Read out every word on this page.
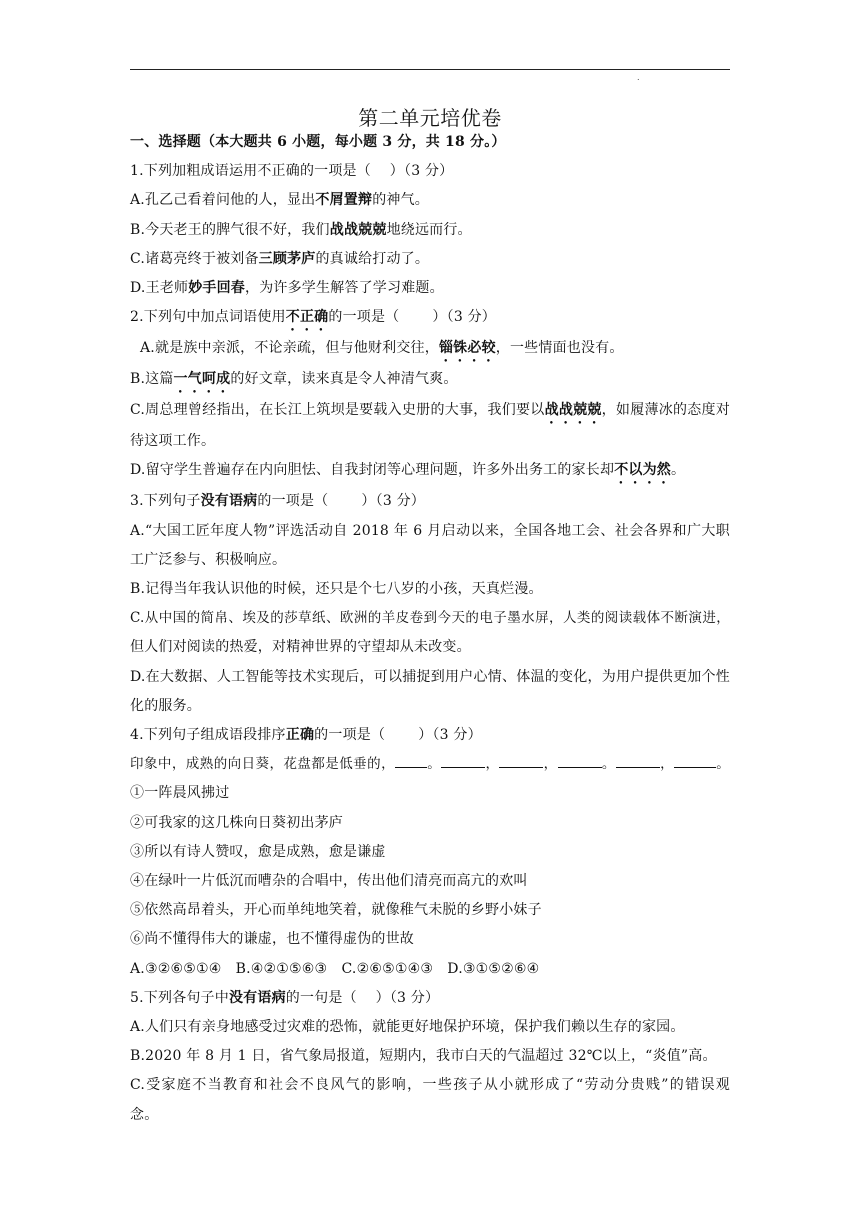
.
第二单元培优卷
一、选择题（本大题共 6 小题，每小题 3 分，共 18 分。）
1.下列加粗成语运用不正确的一项是（　 ）（3 分）
A.孔乙己看着问他的人，显出不屑置辩的神气。
B.今天老王的脾气很不好，我们战战兢兢地绕远而行。
C.诸葛亮终于被刘备三顾茅庐的真诚给打动了。
D.王老师妙手回春，为许多学生解答了学习难题。
2.下列句中加点词语使用不正确的一项是（　　 ）（3 分）
A.就是族中亲派，不论亲疏，但与他财利交往，锱铢必较，一些情面也没有。
B.这篇一气呵成的好文章，读来真是令人神清气爽。
C.周总理曾经指出，在长江上筑坝是要载入史册的大事，我们要以战战兢兢，如履薄冰的态度对
待这项工作。
D.留守学生普遍存在内向胆怯、自我封闭等心理问题，许多外出务工的家长却不以为然。
3.下列句子没有语病的一项是（　　 ）（3 分）
A.“大国工匠年度人物”评选活动自 2018 年 6 月启动以来，全国各地工会、社会各界和广大职
工广泛参与、积极响应。
B.记得当年我认识他的时候，还只是个七八岁的小孩，天真烂漫。
C.从中国的简帛、埃及的莎草纸、欧洲的羊皮卷到今天的电子墨水屏，人类的阅读载体不断演进，
但人们对阅读的热爱，对精神世界的守望却从未改变。
D.在大数据、人工智能等技术实现后，可以捕捉到用户心情、体温的变化，为用户提供更加个性
化的服务。
4.下列句子组成语段排序正确的一项是（　　 ）（3 分）
印象中，成熟的向日葵，花盘都是低垂的， 。	，	，	。	，	。
①一阵晨风拂过
②可我家的这几株向日葵初出茅庐
③所以有诗人赞叹，愈是成熟，愈是谦虚
④在绿叶一片低沉而嘈杂的合唱中，传出他们清亮而高亢的欢叫
⑤依然高昂着头，开心而单纯地笑着，就像稚气未脱的乡野小妹子
⑥尚不懂得伟大的谦虚，也不懂得虚伪的世故
A.③②⑥⑤①④　B.④②①⑤⑥③　C.②⑥⑤①④③　D.③①⑤②⑥④
5.下列各句子中没有语病的一句是（　 ）（3 分）
A.人们只有亲身地感受过灾难的恐怖，就能更好地保护环境，保护我们赖以生存的家园。
B.2020 年 8 月 1 日，省气象局报道，短期内，我市白天的气温超过 32℃以上，“炎值”高。
C.受家庭不当教育和社会不良风气的影响，一些孩子从小就形成了“劳动分贵贱”的错误观
念。
